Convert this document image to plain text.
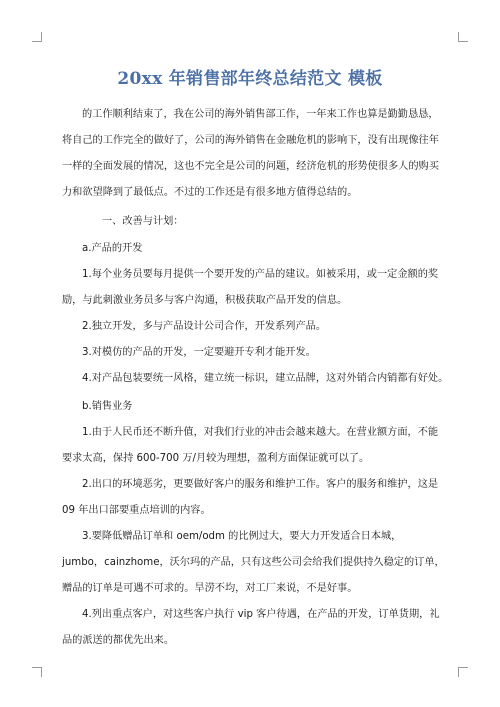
20xx 年销售部年终总结范文 模板
的工作顺利结束了，我在公司的海外销售部工作，一年来工作也算是勤勤恳恳，
将自己的工作完全的做好了，公司的海外销售在金融危机的影响下，没有出现像往年
一样的全面发展的情况，这也不完全是公司的问题，经济危机的形势使很多人的购买
力和欲望降到了最低点。不过的工作还是有很多地方值得总结的。
一、改善与计划：
a.产品的开发
1.每个业务员要每月提供一个要开发的产品的建议。如被采用，或一定金额的奖
励，与此刺激业务员多与客户沟通，积极获取产品开发的信息。
2.独立开发，多与产品设计公司合作，开发系列产品。
3.对模仿的产品的开发，一定要避开专利才能开发。
4.对产品包装要统一风格，建立统一标识，建立品牌，这对外销合内销都有好处。
b.销售业务
1.由于人民币还不断升值，对我们行业的冲击会越来越大。在营业额方面，不能
要求太高，保持 600-700 万/月较为理想，盈利方面保证就可以了。
2.出口的环境恶劣，更要做好客户的服务和维护工作。客户的服务和维护，这是
09 年出口部要重点培训的内容。
3.要降低赠品订单和 oem/odm 的比例过大，要大力开发适合日本城，
jumbo，cainzhome，沃尔玛的产品，只有这些公司会给我们提供持久稳定的订单，
赠品的订单是可遇不可求的。旱涝不均，对工厂来说，不是好事。
4.列出重点客户，对这些客户执行 vip 客户待遇，在产品的开发，订单货期，礼
品的派送的都优先出来。
